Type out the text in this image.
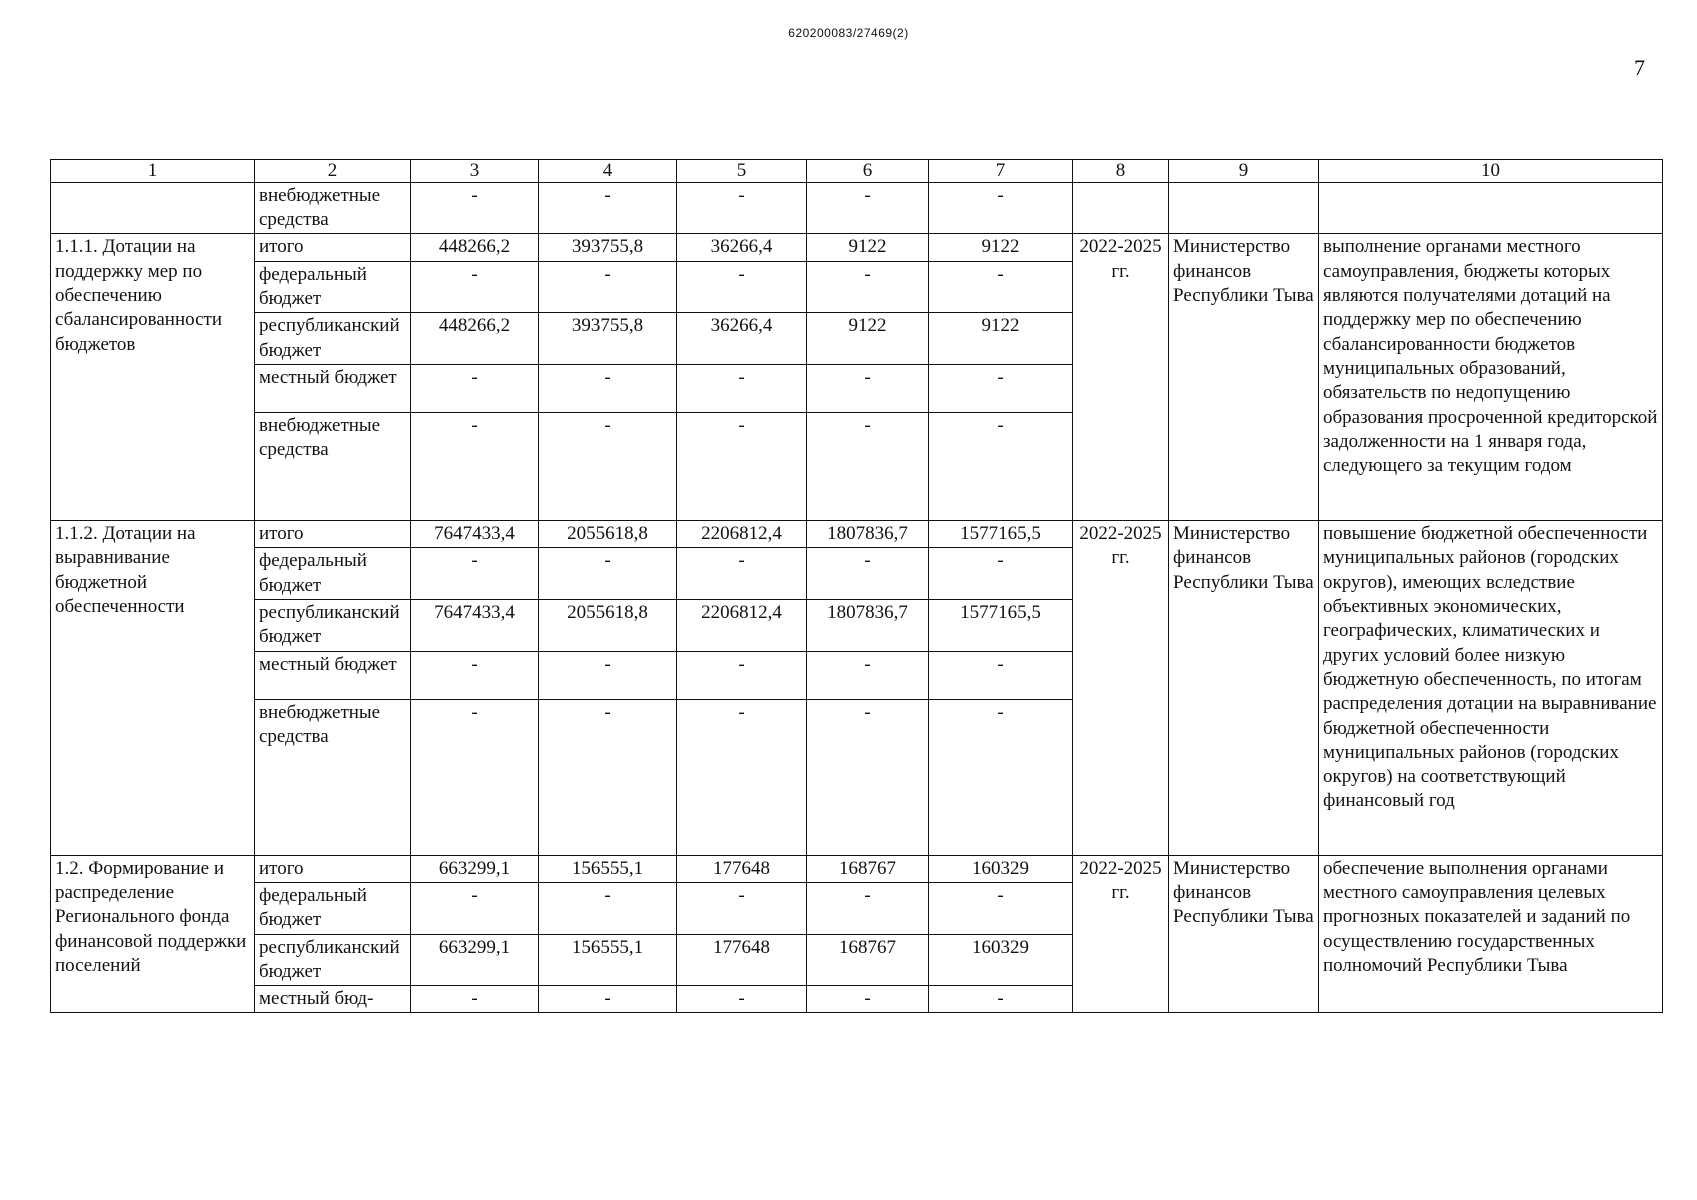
620200083/27469(2)
7
1	2	3	4	5	6	7	8	9	10
	внебюджетные средства	-	-	-	-	-			
1.1.1. Дотации на поддержку мер по обеспечению сбалансированности бюджетов	итого	448266,2	393755,8	36266,4	9122	9122	2022-2025 гг.	Министерство финансов Республики Тыва	выполнение органами местного самоуправления, бюджеты которых являются получателями дотаций на поддержку мер по обеспечению сбалансированности бюджетов муниципальных образований, обязательств по недопущению образования просроченной кредиторской задолженности на 1 января года, следующего за текущим годом
	федеральный бюджет	-	-	-	-	-			
	республиканский бюджет	448266,2	393755,8	36266,4	9122	9122			
	местный бюджет	-	-	-	-	-			
	внебюджетные средства	-	-	-	-	-			
1.1.2. Дотации на выравнивание бюджетной обеспеченности	итого	7647433,4	2055618,8	2206812,4	1807836,7	1577165,5	2022-2025 гг.	Министерство финансов Республики Тыва	повышение бюджетной обеспеченности муниципальных районов (городских округов), имеющих вследствие объективных экономических, географических, климатических и других условий более низкую бюджетную обеспеченность, по итогам распределения дотации на выравнивание бюджетной обеспеченности муниципальных районов (городских округов) на соответствующий финансовый год
	федеральный бюджет	-	-	-	-	-			
	республиканский бюджет	7647433,4	2055618,8	2206812,4	1807836,7	1577165,5			
	местный бюджет	-	-	-	-	-			
	внебюджетные средства	-	-	-	-	-			
1.2. Формирование и распределение Регионального фонда финансовой поддержки поселений	итого	663299,1	156555,1	177648	168767	160329	2022-2025 гг.	Министерство финансов Республики Тыва	обеспечение выполнения органами местного самоуправления целевых прогнозных показателей и заданий по осуществлению государственных полномочий Республики Тыва
	федеральный бюджет	-	-	-	-	-			
	республиканский бюджет	663299,1	156555,1	177648	168767	160329			
	местный бюд-	-	-	-	-	-			
